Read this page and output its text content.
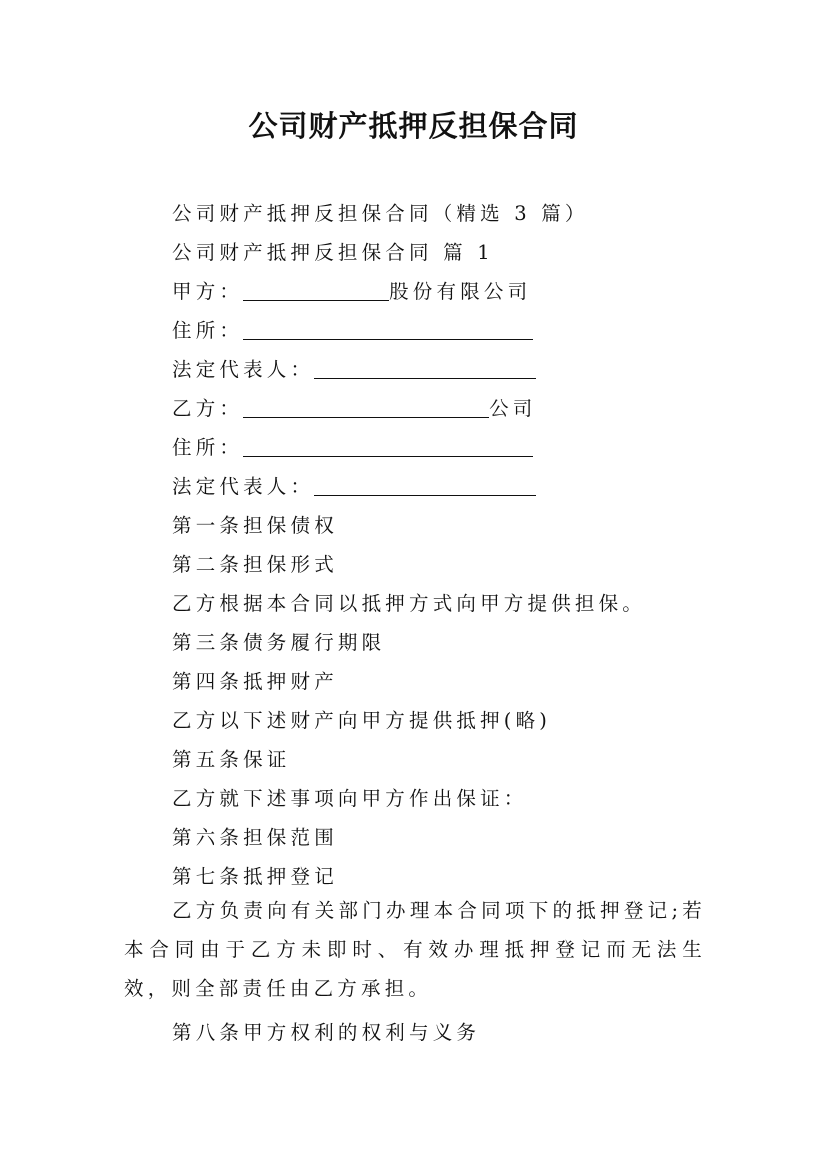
公司财产抵押反担保合同

公司财产抵押反担保合同（精选 3 篇）

公司财产抵押反担保合同 篇 1

甲方：	股份有限公司

住所：

法定代表人：

乙方：	公司

住所：

法定代表人：

第一条担保债权

第二条担保形式

乙方根据本合同以抵押方式向甲方提供担保。

第三条债务履行期限

第四条抵押财产

乙方以下述财产向甲方提供抵押(略)

第五条保证

乙方就下述事项向甲方作出保证：

第六条担保范围

第七条抵押登记

乙方负责向有关部门办理本合同项下的抵押登记;若本合同由于乙方未即时、有效办理抵押登记而无法生效，则全部责任由乙方承担。

第八条甲方权利的权利与义务
